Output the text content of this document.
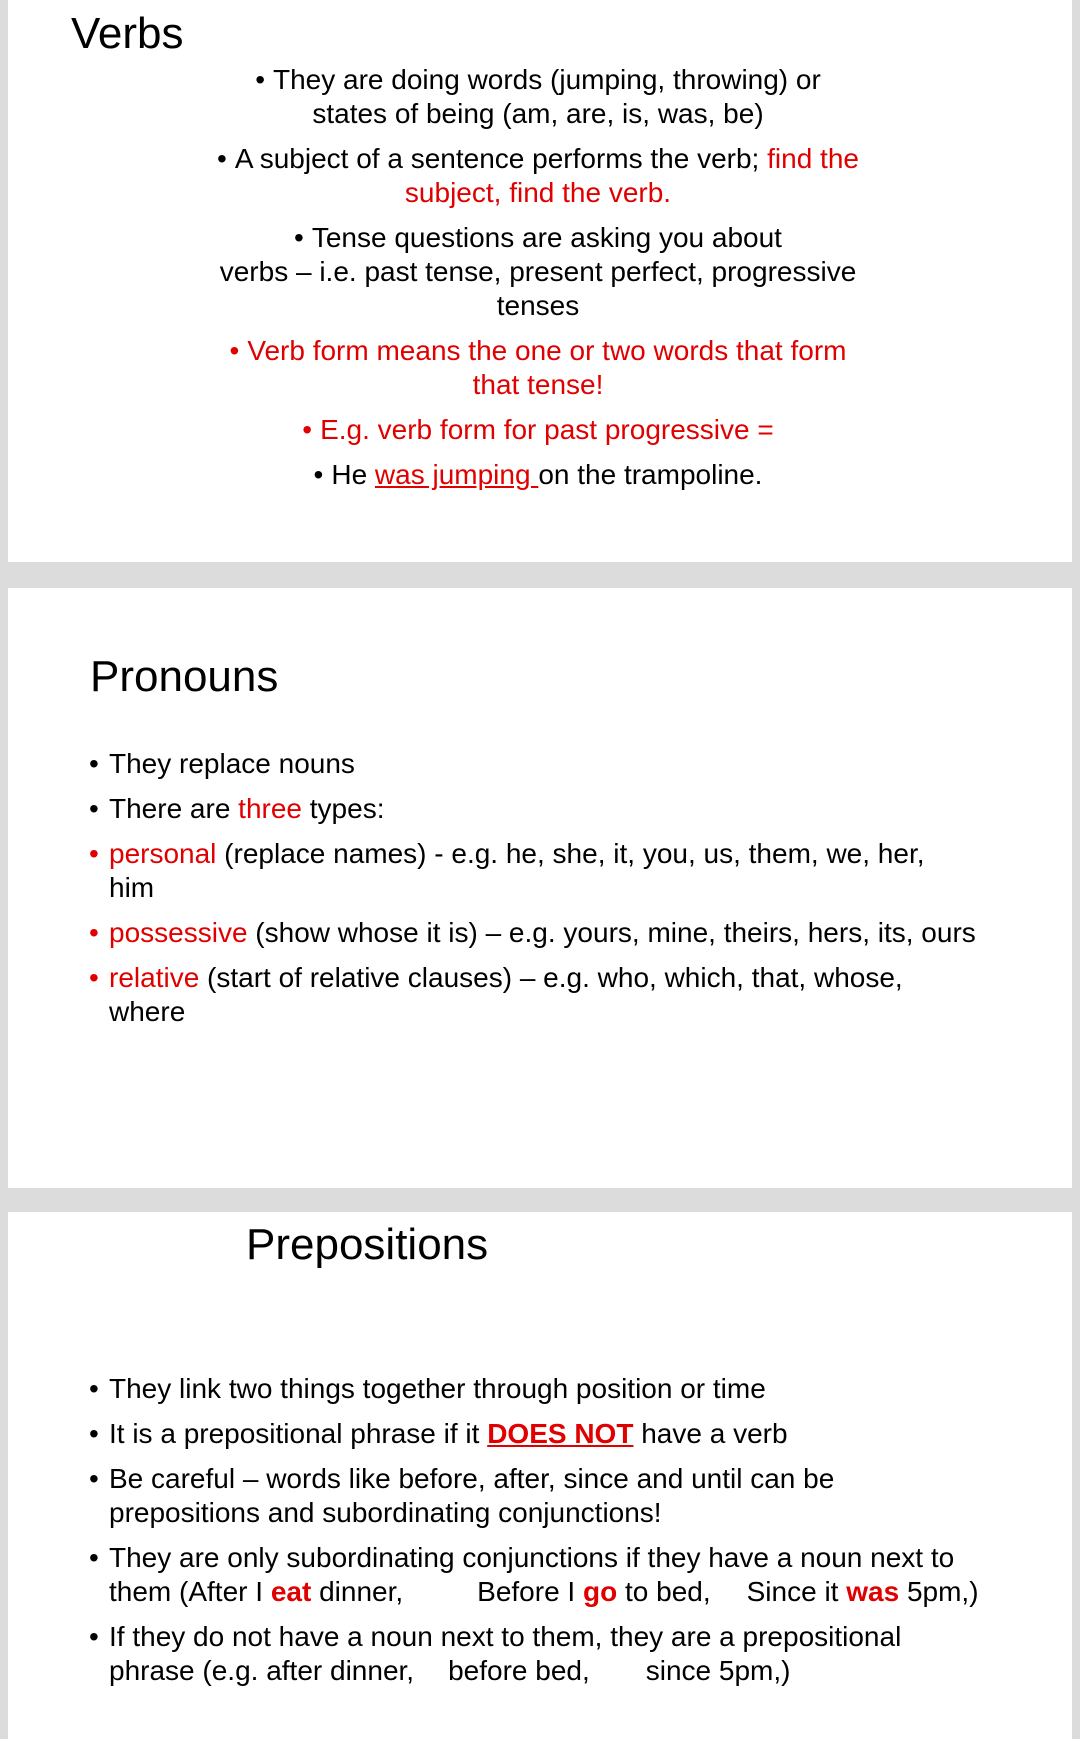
Verbs
• They are doing words (jumping, throwing) or
states of being (am, are, is, was, be)
• A subject of a sentence performs the verb; find the
subject, find the verb.
• Tense questions are asking you about
verbs – i.e. past tense, present perfect, progressive
tenses
• Verb form means the one or two words that form
that tense!
• E.g. verb form for past progressive =
• He was jumping on the trampoline.
Pronouns
• They replace nouns
• There are three types:
• personal (replace names) - e.g. he, she, it, you, us, them, we, her,
him
• possessive (show whose it is) – e.g. yours, mine, theirs, hers, its, ours
• relative (start of relative clauses) – e.g. who, which, that, whose,
where
Prepositions
• They link two things together through position or time
• It is a prepositional phrase if it DOES NOT have a verb
• Be careful – words like before, after, since and until can be
prepositions and subordinating conjunctions!
• They are only subordinating conjunctions if they have a noun next to
them (After I eat dinner,	Before I go to bed, Since it was 5pm,)
• If they do not have a noun next to them, they are a prepositional
phrase (e.g. after dinner, before bed, since 5pm,)
